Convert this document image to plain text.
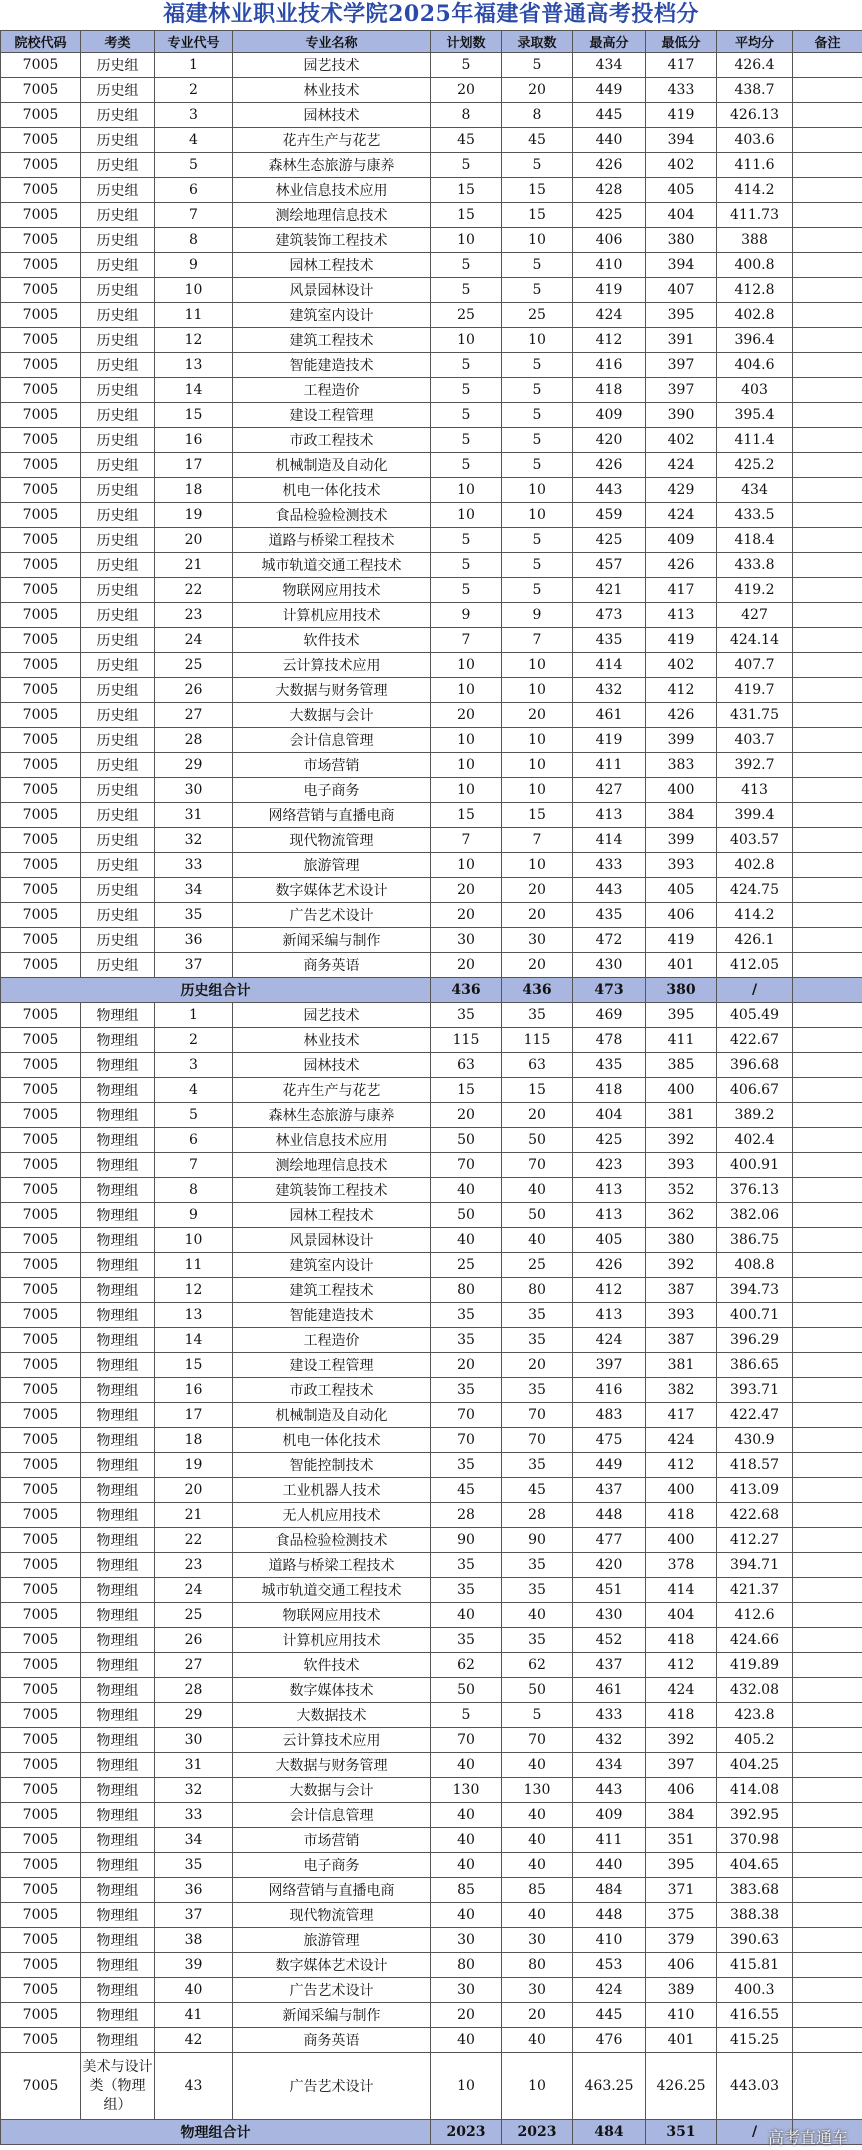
福建林业职业技术学院2025年福建省普通高考投档分
院校代码	考类	专业代号	专业名称	计划数	录取数	最高分	最低分	平均分	备注
7005	历史组	1	园艺技术	5	5	434	417	426.4	
7005	历史组	2	林业技术	20	20	449	433	438.7	
7005	历史组	3	园林技术	8	8	445	419	426.13	
7005	历史组	4	花卉生产与花艺	45	45	440	394	403.6	
7005	历史组	5	森林生态旅游与康养	5	5	426	402	411.6	
7005	历史组	6	林业信息技术应用	15	15	428	405	414.2	
7005	历史组	7	测绘地理信息技术	15	15	425	404	411.73	
7005	历史组	8	建筑装饰工程技术	10	10	406	380	388	
7005	历史组	9	园林工程技术	5	5	410	394	400.8	
7005	历史组	10	风景园林设计	5	5	419	407	412.8	
7005	历史组	11	建筑室内设计	25	25	424	395	402.8	
7005	历史组	12	建筑工程技术	10	10	412	391	396.4	
7005	历史组	13	智能建造技术	5	5	416	397	404.6	
7005	历史组	14	工程造价	5	5	418	397	403	
7005	历史组	15	建设工程管理	5	5	409	390	395.4	
7005	历史组	16	市政工程技术	5	5	420	402	411.4	
7005	历史组	17	机械制造及自动化	5	5	426	424	425.2	
7005	历史组	18	机电一体化技术	10	10	443	429	434	
7005	历史组	19	食品检验检测技术	10	10	459	424	433.5	
7005	历史组	20	道路与桥梁工程技术	5	5	425	409	418.4	
7005	历史组	21	城市轨道交通工程技术	5	5	457	426	433.8	
7005	历史组	22	物联网应用技术	5	5	421	417	419.2	
7005	历史组	23	计算机应用技术	9	9	473	413	427	
7005	历史组	24	软件技术	7	7	435	419	424.14	
7005	历史组	25	云计算技术应用	10	10	414	402	407.7	
7005	历史组	26	大数据与财务管理	10	10	432	412	419.7	
7005	历史组	27	大数据与会计	20	20	461	426	431.75	
7005	历史组	28	会计信息管理	10	10	419	399	403.7	
7005	历史组	29	市场营销	10	10	411	383	392.7	
7005	历史组	30	电子商务	10	10	427	400	413	
7005	历史组	31	网络营销与直播电商	15	15	413	384	399.4	
7005	历史组	32	现代物流管理	7	7	414	399	403.57	
7005	历史组	33	旅游管理	10	10	433	393	402.8	
7005	历史组	34	数字媒体艺术设计	20	20	443	405	424.75	
7005	历史组	35	广告艺术设计	20	20	435	406	414.2	
7005	历史组	36	新闻采编与制作	30	30	472	419	426.1	
7005	历史组	37	商务英语	20	20	430	401	412.05	
历史组合计				436	436	473	380	/	
7005	物理组	1	园艺技术	35	35	469	395	405.49	
7005	物理组	2	林业技术	115	115	478	411	422.67	
7005	物理组	3	园林技术	63	63	435	385	396.68	
7005	物理组	4	花卉生产与花艺	15	15	418	400	406.67	
7005	物理组	5	森林生态旅游与康养	20	20	404	381	389.2	
7005	物理组	6	林业信息技术应用	50	50	425	392	402.4	
7005	物理组	7	测绘地理信息技术	70	70	423	393	400.91	
7005	物理组	8	建筑装饰工程技术	40	40	413	352	376.13	
7005	物理组	9	园林工程技术	50	50	413	362	382.06	
7005	物理组	10	风景园林设计	40	40	405	380	386.75	
7005	物理组	11	建筑室内设计	25	25	426	392	408.8	
7005	物理组	12	建筑工程技术	80	80	412	387	394.73	
7005	物理组	13	智能建造技术	35	35	413	393	400.71	
7005	物理组	14	工程造价	35	35	424	387	396.29	
7005	物理组	15	建设工程管理	20	20	397	381	386.65	
7005	物理组	16	市政工程技术	35	35	416	382	393.71	
7005	物理组	17	机械制造及自动化	70	70	483	417	422.47	
7005	物理组	18	机电一体化技术	70	70	475	424	430.9	
7005	物理组	19	智能控制技术	35	35	449	412	418.57	
7005	物理组	20	工业机器人技术	45	45	437	400	413.09	
7005	物理组	21	无人机应用技术	28	28	448	418	422.68	
7005	物理组	22	食品检验检测技术	90	90	477	400	412.27	
7005	物理组	23	道路与桥梁工程技术	35	35	420	378	394.71	
7005	物理组	24	城市轨道交通工程技术	35	35	451	414	421.37	
7005	物理组	25	物联网应用技术	40	40	430	404	412.6	
7005	物理组	26	计算机应用技术	35	35	452	418	424.66	
7005	物理组	27	软件技术	62	62	437	412	419.89	
7005	物理组	28	数字媒体技术	50	50	461	424	432.08	
7005	物理组	29	大数据技术	5	5	433	418	423.8	
7005	物理组	30	云计算技术应用	70	70	432	392	405.2	
7005	物理组	31	大数据与财务管理	40	40	434	397	404.25	
7005	物理组	32	大数据与会计	130	130	443	406	414.08	
7005	物理组	33	会计信息管理	40	40	409	384	392.95	
7005	物理组	34	市场营销	40	40	411	351	370.98	
7005	物理组	35	电子商务	40	40	440	395	404.65	
7005	物理组	36	网络营销与直播电商	85	85	484	371	383.68	
7005	物理组	37	现代物流管理	40	40	448	375	388.38	
7005	物理组	38	旅游管理	30	30	410	379	390.63	
7005	物理组	39	数字媒体艺术设计	80	80	453	406	415.81	
7005	物理组	40	广告艺术设计	30	30	424	389	400.3	
7005	物理组	41	新闻采编与制作	20	20	445	410	416.55	
7005	物理组	42	商务英语	40	40	476	401	415.25	
7005	美术与设计类（物理组）	43	广告艺术设计	10	10	463.25	426.25	443.03	
物理组合计				2023	2023	484	351	/	高考直通车
